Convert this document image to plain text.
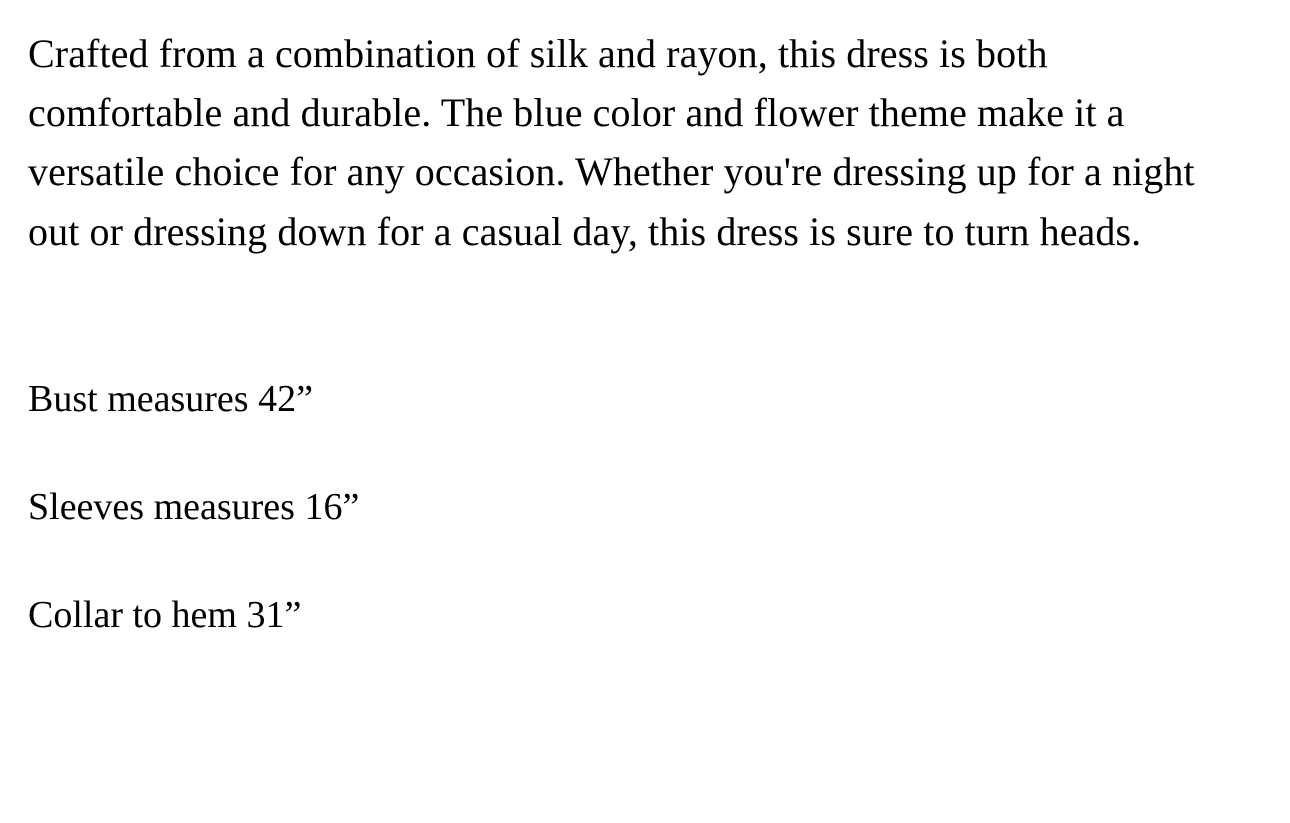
Crafted from a combination of silk and rayon, this dress is both comfortable and durable. The blue color and flower theme make it a versatile choice for any occasion. Whether you're dressing up for a night out or dressing down for a casual day, this dress is sure to turn heads.

Bust measures 42”

Sleeves measures 16”

Collar to hem 31”
